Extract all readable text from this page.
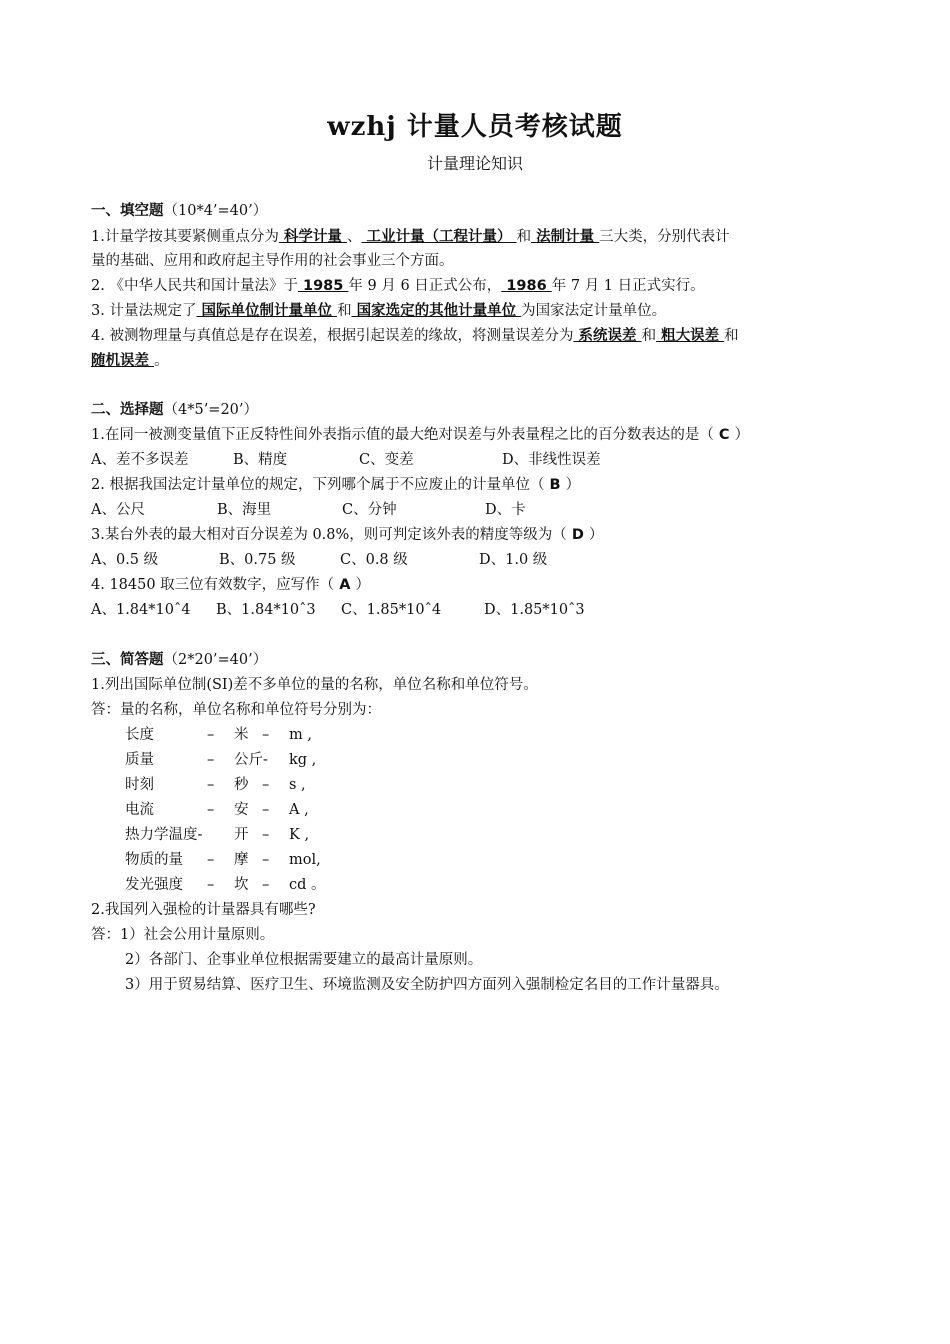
wzhj 计量人员考核试题
计量理论知识
一、填空题（10*4’=40’）
1.计量学按其要紧侧重点分为 科学计量 、 工业计量（工程计量） 和 法制计量 三大类，分别代表计
量的基础、应用和政府起主导作用的社会事业三个方面。
2. 《中华人民共和国计量法》于 1985 年 9 月 6 日正式公布， 1986 年 7 月 1 日正式实行。
3. 计量法规定了 国际单位制计量单位 和 国家选定的其他计量单位 为国家法定计量单位。
4. 被测物理量与真值总是存在误差，根据引起误差的缘故，将测量误差分为 系统误差 和 粗大误差 和
随机误差 。
二、选择题（4*5’=20’）
1.在同一被测变量值下正反特性间外表指示值的最大绝对误差与外表量程之比的百分数表达的是（ C ）
A、差不多误差	B、精度	C、变差	D、非线性误差
2. 根据我国法定计量单位的规定，下列哪个属于不应废止的计量单位（ B ）
A、公尺	B、海里	C、分钟	D、卡
3.某台外表的最大相对百分误差为 0.8%，则可判定该外表的精度等级为（ D ）
A、0.5 级	B、0.75 级	C、0.8 级	D、1.0 级
4. 18450 取三位有效数字，应写作（ A ）
A、1.84*10ˆ4 B、1.84*10ˆ3 C、1.85*10ˆ4	D、1.85*10ˆ3
三、简答题（2*20’=40’）
1.列出国际单位制(SI)差不多单位的量的名称，单位名称和单位符号。
答：量的名称，单位名称和单位符号分别为：
长度	– 米 – m ,
质量	– 公斤- kg ,
时刻	– 秒 – s ,
电流	– 安 – A ,
热力学温度- 开 – K ,
物质的量 – 摩 – mol,
发光强度 – 坎 – cd 。
2.我国列入强检的计量器具有哪些?
答：1）社会公用计量原则。
2）各部门、企事业单位根据需要建立的最高计量原则。
3）用于贸易结算、医疗卫生、环境监测及安全防护四方面列入强制检定名目的工作计量器具。
